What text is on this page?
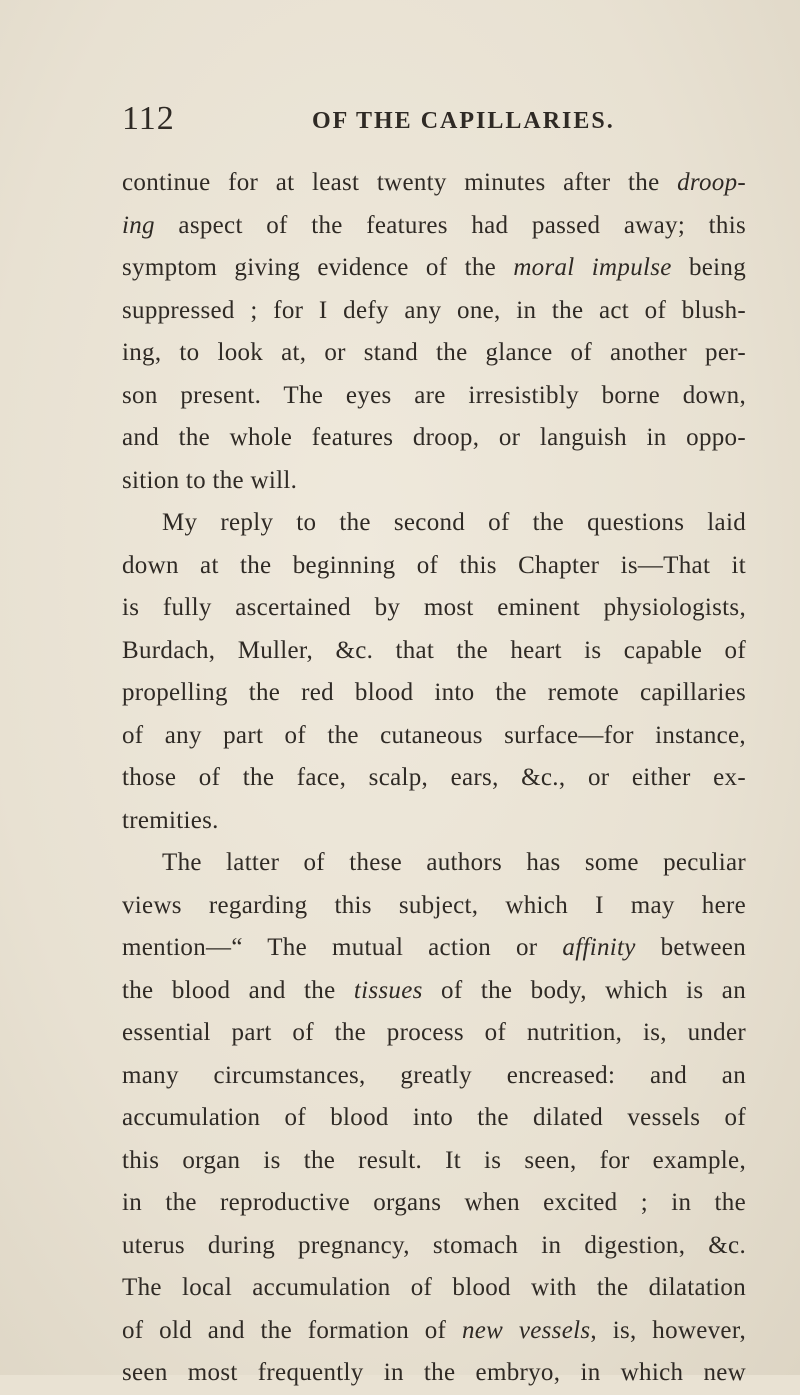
112	OF THE CAPILLARIES.

continue for at least twenty minutes after the droop-
ing aspect of the features had passed away; this
symptom giving evidence of the moral impulse being
suppressed ; for I defy any one, in the act of blush-
ing, to look at, or stand the glance of another per-
son present. The eyes are irresistibly borne down,
and the whole features droop, or languish in oppo-
sition to the will.

My reply to the second of the questions laid
down at the beginning of this Chapter is—That it
is fully ascertained by most eminent physiologists,
Burdach, Muller, &c. that the heart is capable of
propelling the red blood into the remote capillaries
of any part of the cutaneous surface—for instance,
those of the face, scalp, ears, &c., or either ex-
tremities.

The latter of these authors has some peculiar
views regarding this subject, which I may here
mention—“ The mutual action or affinity between
the blood and the tissues of the body, which is an
essential part of the process of nutrition, is, under
many circumstances, greatly encreased: and an
accumulation of blood into the dilated vessels of
this organ is the result. It is seen, for example,
in the reproductive organs when excited ; in the
uterus during pregnancy, stomach in digestion, &c.
The local accumulation of blood with the dilatation
of old and the formation of new vessels, is, however,
seen most frequently in the embryo, in which new
